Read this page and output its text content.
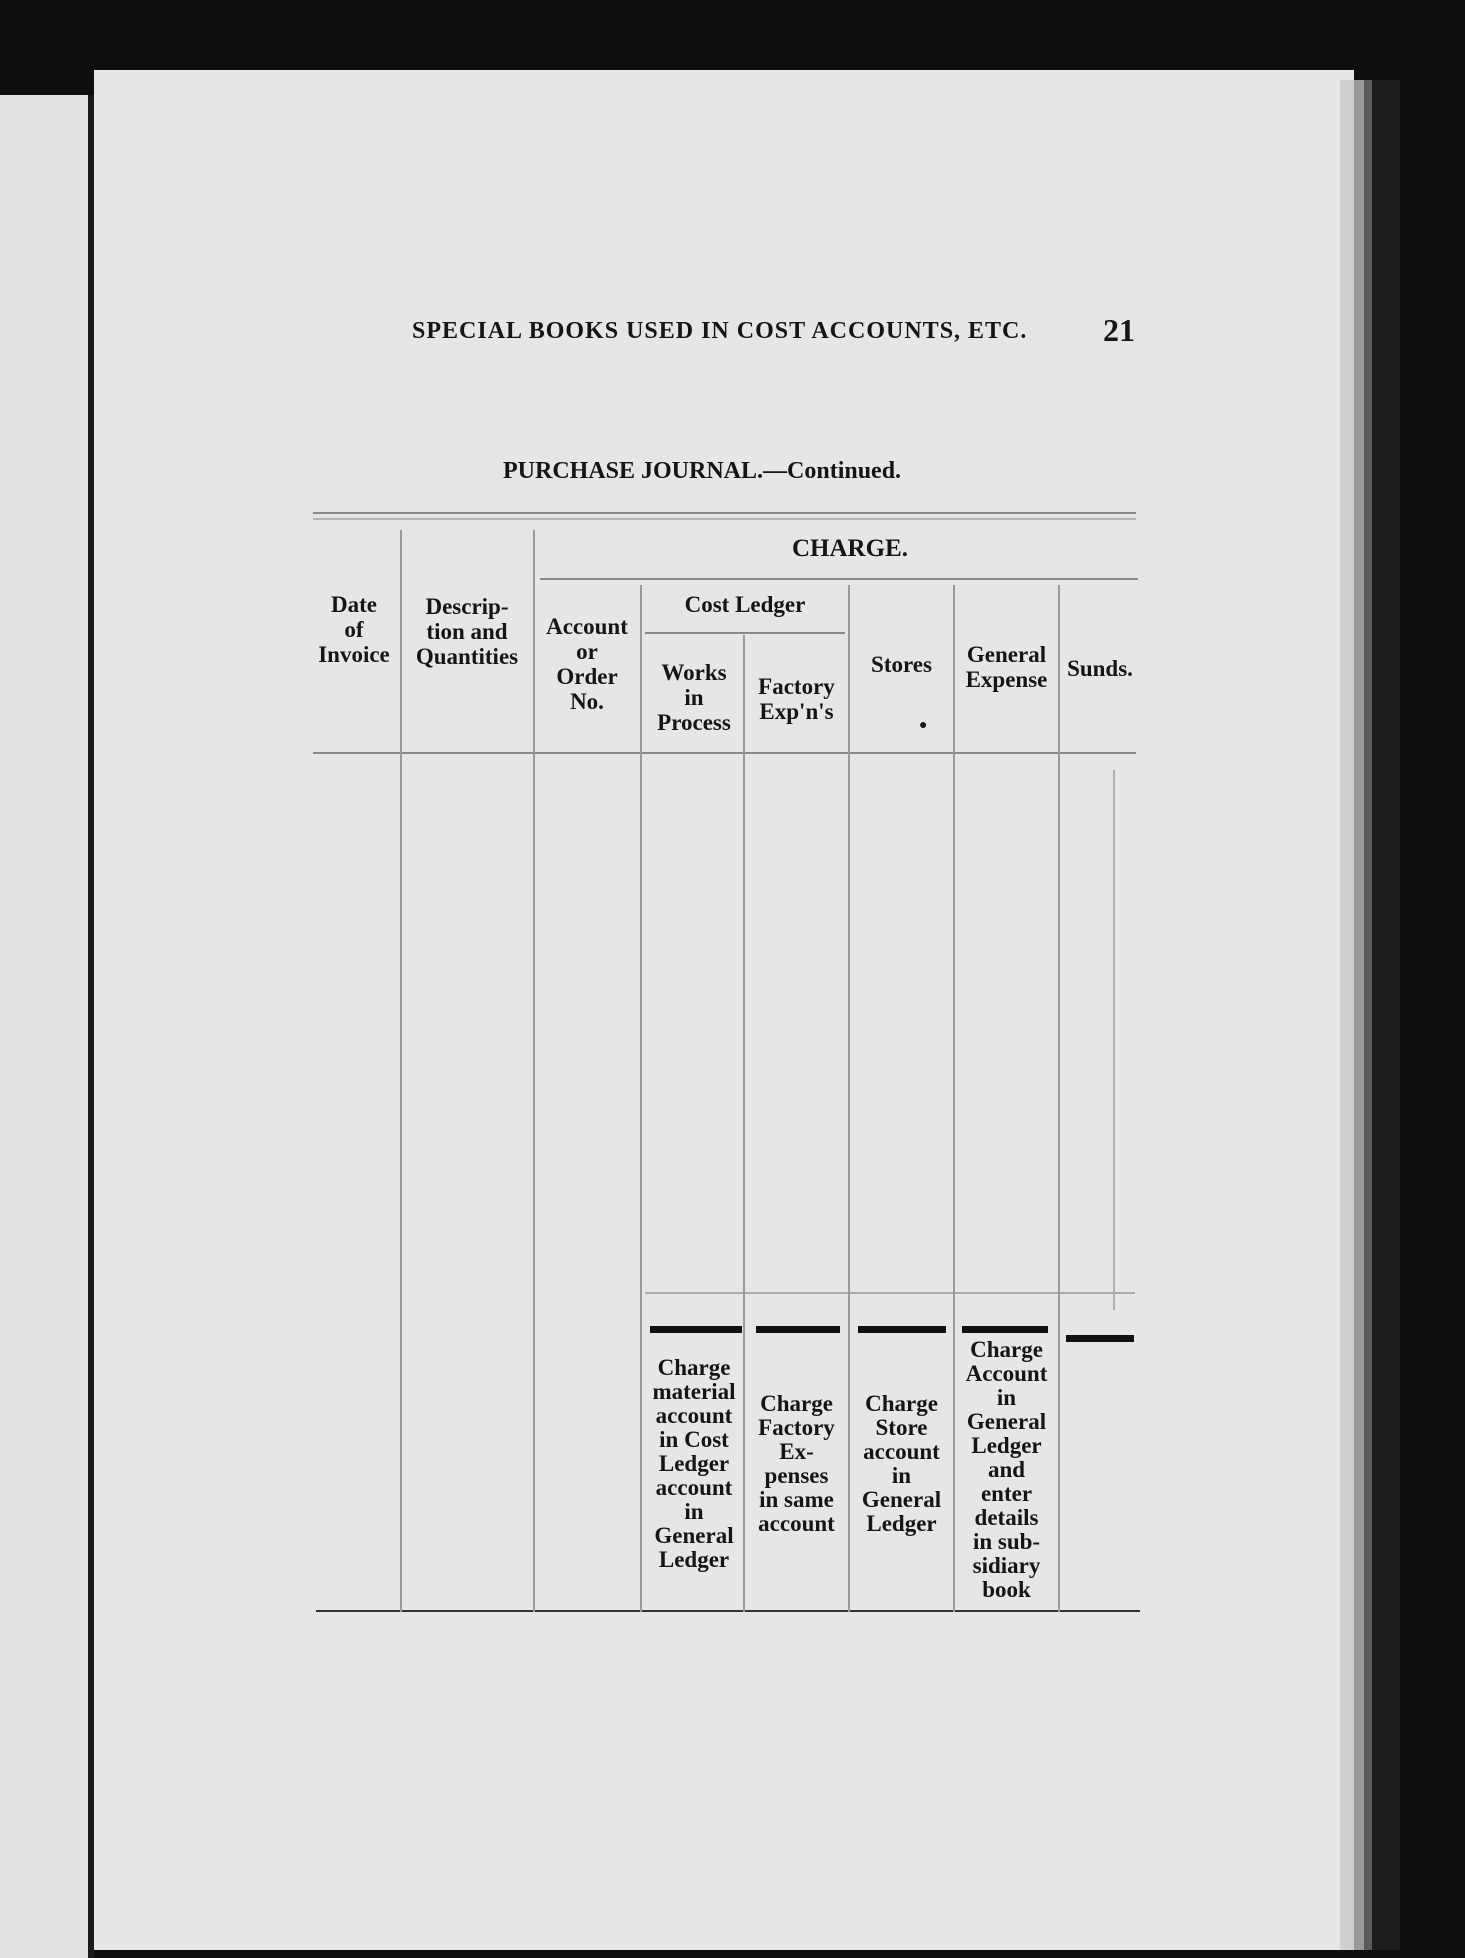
SPECIAL BOOKS USED IN COST ACCOUNTS, ETC. 21
PURCHASE JOURNAL.—Continued.
Date
of
Invoice
Descrip-
tion and
Quantities
CHARGE.
Account
or
Order
No.
Cost Ledger
Works
in
Process
Factory
Exp'n's
Stores
●
General
Expense Sunds.
Charge
material
account
in Cost
Ledger
account
in
General
Ledger
Charge
Factory
Ex-
penses
in same
account
Charge
Store
account
in
General
Ledger
Charge
Account
in
General
Ledger
and
enter
details
in sub-
sidiary
book
